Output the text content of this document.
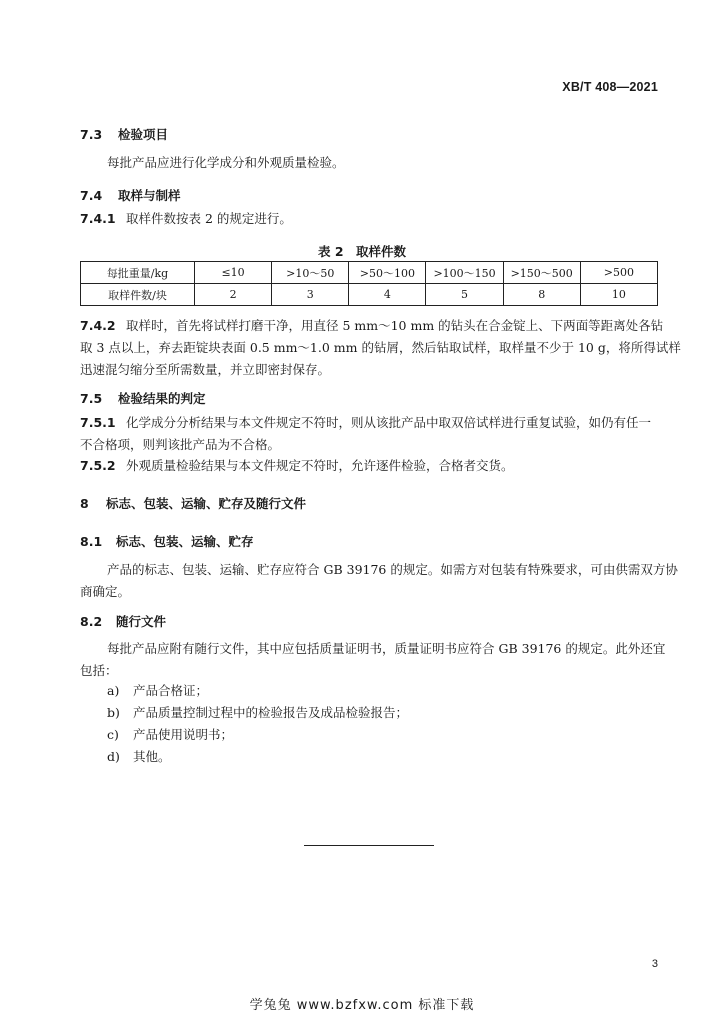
XB/T 408—2021
7.3 检验项目
每批产品应进行化学成分和外观质量检验。
7.4 取样与制样
7.4.1 取样件数按表 2 的规定进行。
表 2　取样件数
每批重量/kg	≤10	>10～50	>50～100	>100～150	>150～500	>500
取样件数/块	2	3	4	5	8	10
7.4.2 取样时，首先将试样打磨干净，用直径 5 mm～10 mm 的钻头在合金锭上、下两面等距离处各钻
取 3 点以上，弃去距锭块表面 0.5 mm～1.0 mm 的钻屑，然后钻取试样，取样量不少于 10 g，将所得试样
迅速混匀缩分至所需数量，并立即密封保存。
7.5 检验结果的判定
7.5.1 化学成分分析结果与本文件规定不符时，则从该批产品中取双倍试样进行重复试验，如仍有任一
不合格项，则判该批产品为不合格。
7.5.2 外观质量检验结果与本文件规定不符时，允许逐件检验，合格者交货。
8 标志、包装、运输、贮存及随行文件
8.1 标志、包装、运输、贮存
产品的标志、包装、运输、贮存应符合 GB 39176 的规定。如需方对包装有特殊要求，可由供需双方协
商确定。
8.2 随行文件
每批产品应附有随行文件，其中应包括质量证明书，质量证明书应符合 GB 39176 的规定。此外还宜
包括：
a) 产品合格证；
b) 产品质量控制过程中的检验报告及成品检验报告；
c) 产品使用说明书；
d) 其他。
3
学兔兔 www.bzfxw.com 标准下载
